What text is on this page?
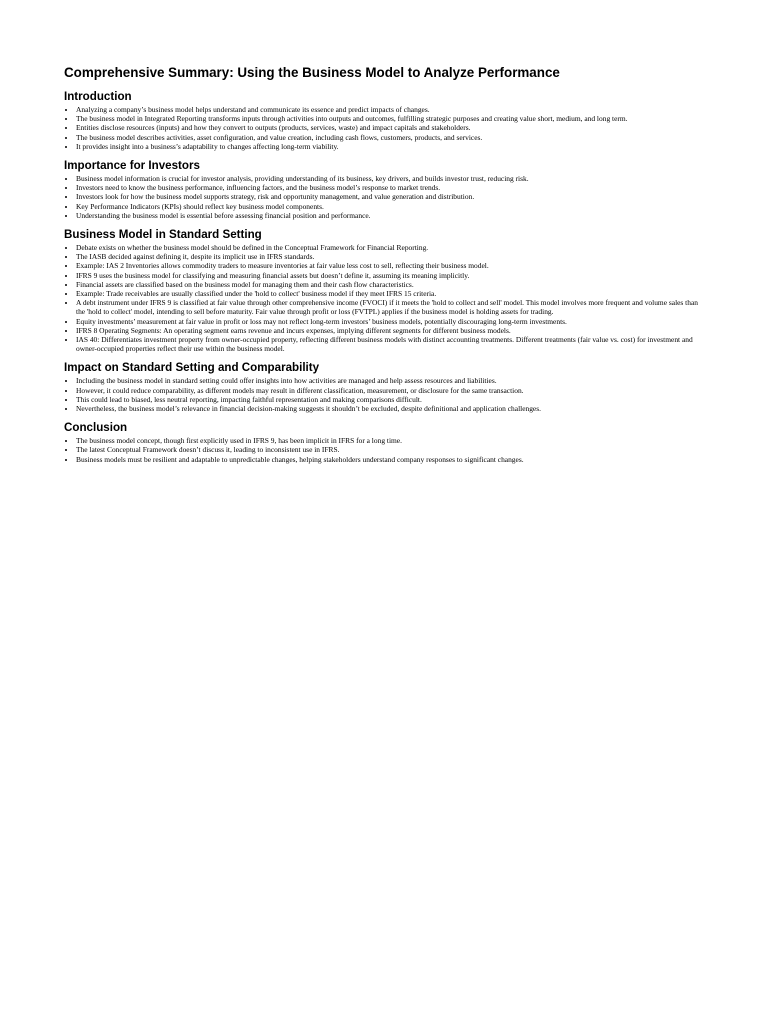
Comprehensive Summary: Using the Business Model to Analyze Performance
Introduction
• Analyzing a company’s business model helps understand and communicate its essence and predict impacts of changes.
• The business model in Integrated Reporting transforms inputs through activities into outputs and outcomes, fulfilling strategic purposes and creating value short, medium, and long term.
• Entities disclose resources (inputs) and how they convert to outputs (products, services, waste) and impact capitals and stakeholders.
• The business model describes activities, asset configuration, and value creation, including cash flows, customers, products, and services.
• It provides insight into a business’s adaptability to changes affecting long-term viability.
Importance for Investors
• Business model information is crucial for investor analysis, providing understanding of its business, key drivers, and builds investor trust, reducing risk.
• Investors need to know the business performance, influencing factors, and the business model’s response to market trends.
• Investors look for how the business model supports strategy, risk and opportunity management, and value generation and distribution.
• Key Performance Indicators (KPIs) should reflect key business model components.
• Understanding the business model is essential before assessing financial position and performance.
Business Model in Standard Setting
• Debate exists on whether the business model should be defined in the Conceptual Framework for Financial Reporting.
• The IASB decided against defining it, despite its implicit use in IFRS standards.
• Example: IAS 2 Inventories allows commodity traders to measure inventories at fair value less cost to sell, reflecting their business model.
• IFRS 9 uses the business model for classifying and measuring financial assets but doesn’t define it, assuming its meaning implicitly.
• Financial assets are classified based on the business model for managing them and their cash flow characteristics.
• Example: Trade receivables are usually classified under the 'hold to collect' business model if they meet IFRS 15 criteria.
• A debt instrument under IFRS 9 is classified at fair value through other comprehensive income (FVOCI) if it meets the 'hold to collect and sell' model. This model involves more frequent and volume sales than the 'hold to collect' model, intending to sell before maturity. Fair value through profit or loss (FVTPL) applies if the business model is holding assets for trading.
• Equity investments’ measurement at fair value in profit or loss may not reflect long-term investors’ business models, potentially discouraging long-term investments.
• IFRS 8 Operating Segments: An operating segment earns revenue and incurs expenses, implying different segments for different business models.
• IAS 40: Differentiates investment property from owner-occupied property, reflecting different business models with distinct accounting treatments. Different treatments (fair value vs. cost) for investment and owner-occupied properties reflect their use within the business model.
Impact on Standard Setting and Comparability
• Including the business model in standard setting could offer insights into how activities are managed and help assess resources and liabilities.
• However, it could reduce comparability, as different models may result in different classification, measurement, or disclosure for the same transaction.
• This could lead to biased, less neutral reporting, impacting faithful representation and making comparisons difficult.
• Nevertheless, the business model’s relevance in financial decision-making suggests it shouldn’t be excluded, despite definitional and application challenges.
Conclusion
• The business model concept, though first explicitly used in IFRS 9, has been implicit in IFRS for a long time.
• The latest Conceptual Framework doesn’t discuss it, leading to inconsistent use in IFRS.
• Business models must be resilient and adaptable to unpredictable changes, helping stakeholders understand company responses to significant changes.
